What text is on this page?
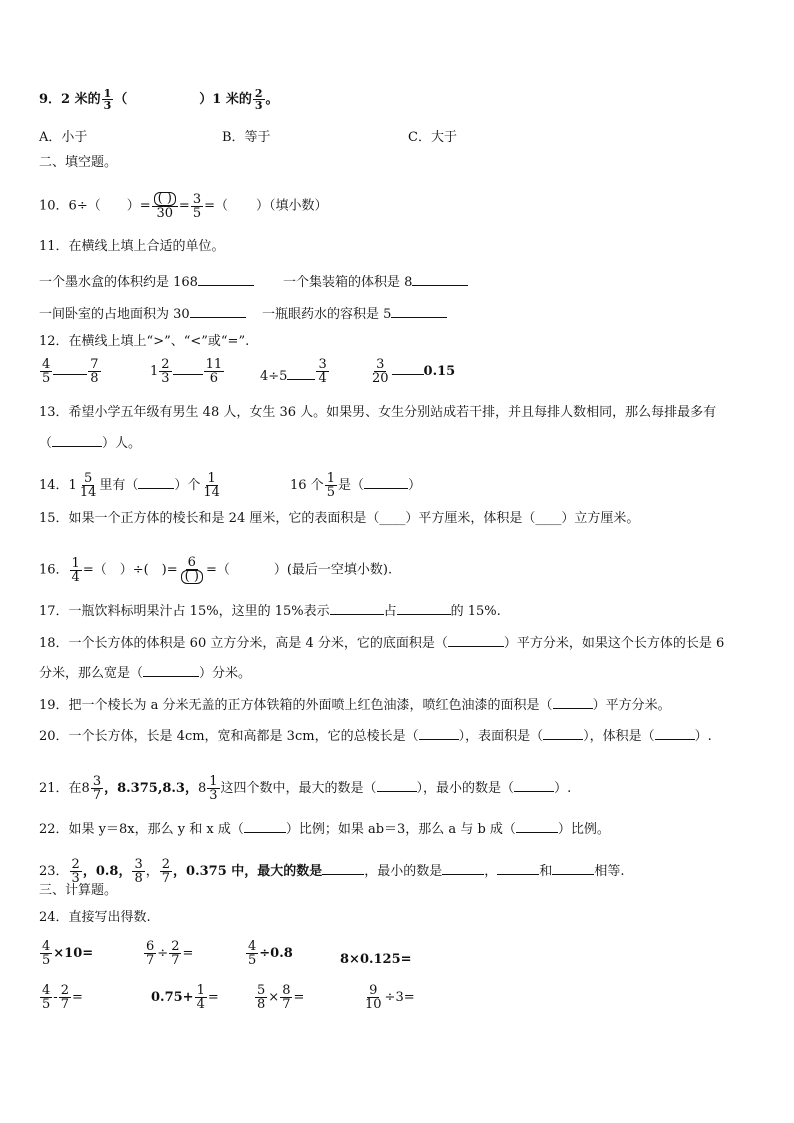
9．2 米的 $\frac{1}{3}$ （	）1 米的 $\frac{2}{3}$ 。
A．小于	B．等于	C．大于
二、填空题。
10．6÷（ ）= $\frac{( )}{30} = \frac{3}{5}$ =（ ）（填小数）
11．在横线上填上合适的单位。
一个墨水盒的体积约是 168	一个集装箱的体积是 8
一间卧室的占地面积为 30	一瓶眼药水的容积是 5
12．在横线上填上“>”、“<”或“=”.
$\frac{4}{5}$	$\frac{7}{8}$	$1 \frac{2}{3} \frac{11}{6}$	$4\div 5 \frac{3}{4}$	$\frac{3}{20}$	0.15
13．希望小学五年级有男生 48 人，女生 36 人。如果男、女生分别站成若干排，并且每排人数相同，那么每排最多有
（	）人。
14． $1 \frac{5}{14}$ 里有（	）个 $\frac{1}{14}$	16 个 $\frac{1}{5}$ 是（	）
15．如果一个正方体的棱长和是 24 厘米，它的表面积是（____）平方厘米，体积是（____）立方厘米。
16． $\frac{1}{4}$ =（　）÷(　)= $\frac{6}{( )}$ =（	）(最后一空填小数).
17．一瓶饮料标明果汁占 15%，这里的 15%表示	占	的 15%.
18．一个长方体的体积是 60 立方分米，高是 4 分米，它的底面积是（	）平方分米，如果这个长方体的长是 6
分米，那么宽是（	）分米。
19．把一个棱长为 a 分米无盖的正方体铁箱的外面喷上红色油漆，喷红色油漆的面积是（	）平方分米。
20．一个长方体，长是 4cm，宽和高都是 3cm，它的总棱长是（	），表面积是（	），体积是（	）.
21．在 $8 \frac{3}{7}$ ，8.375,8.3， $8 \frac{1}{3}$ 这四个数中，最大的数是（	），最小的数是（	）.
22．如果 y＝8x，那么 y 和 x 成（	）比例；如果 ab＝3，那么 a 与 b 成（	）比例。
23． $\frac{2}{3}$ ，0.8， $\frac{3}{8}$ ， $\frac{2}{7}$ ，0.375 中，最大的数是	，最小的数是	，	和	相等.
三、计算题。
24．直接写出得数.
$\frac{4}{5} \times 10=$	$\frac{6}{7} \div \frac{2}{7}$ =	$\frac{4}{5} \div 0.8$	8×0.125=
$\frac{4}{5} - \frac{2}{7}$ =	$0.75+ \frac{1}{4}$ =	$\frac{5}{8} \times \frac{8}{7}$ =	$\frac{9}{10} \div 3=$
